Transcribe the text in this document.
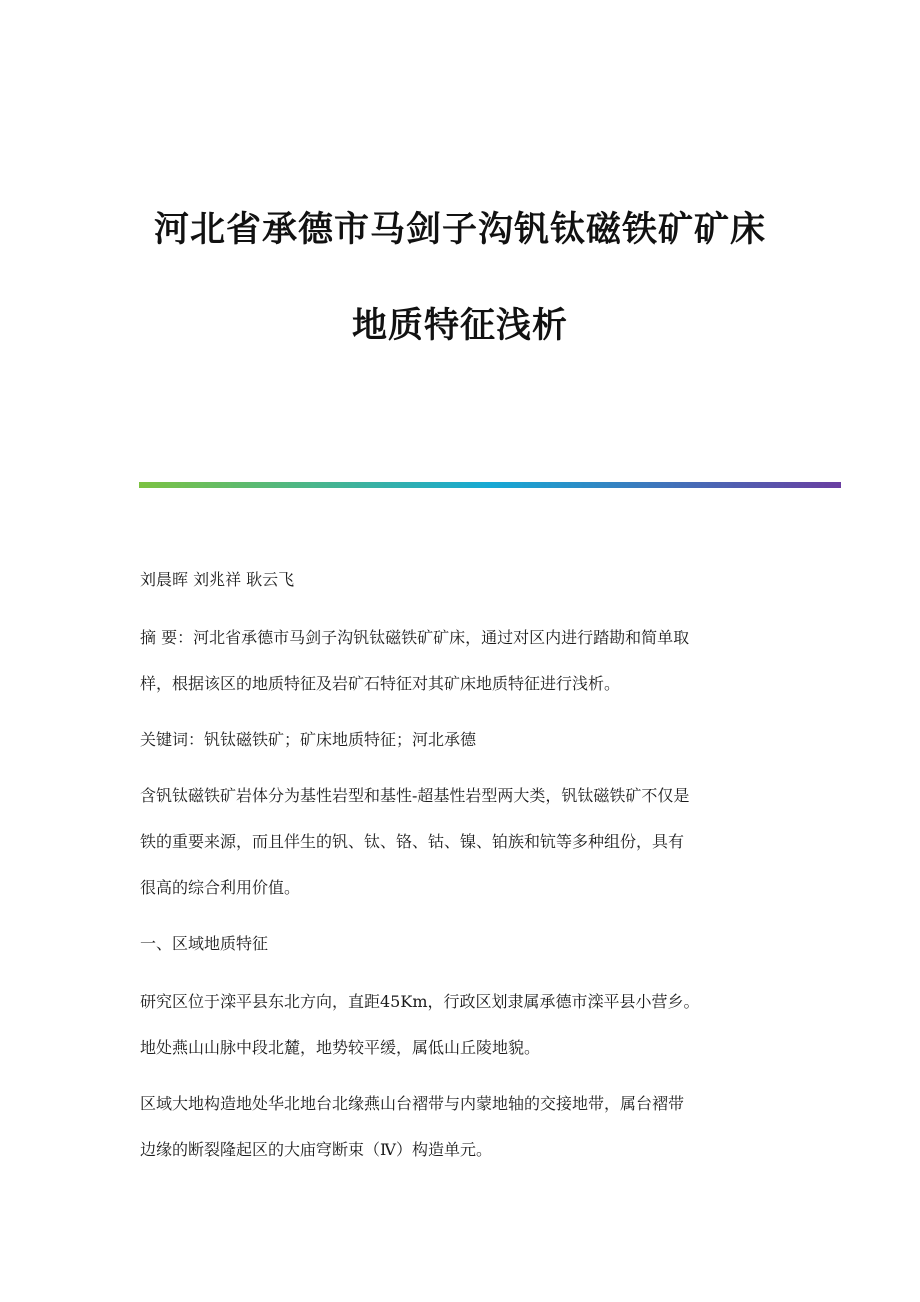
河北省承德市马剑子沟钒钛磁铁矿矿床
地质特征浅析

刘晨晖 刘兆祥 耿云飞

摘 要：河北省承德市马剑子沟钒钛磁铁矿矿床，通过对区内进行踏勘和简单取

样，根据该区的地质特征及岩矿石特征对其矿床地质特征进行浅析。

关键词：钒钛磁铁矿；矿床地质特征；河北承德

含钒钛磁铁矿岩体分为基性岩型和基性-超基性岩型两大类，钒钛磁铁矿不仅是

铁的重要来源，而且伴生的钒、钛、铬、钴、镍、铂族和钪等多种组份，具有

很高的综合利用价值。

一、区域地质特征

研究区位于滦平县东北方向，直距45Km，行政区划隶属承德市滦平县小营乡。

地处燕山山脉中段北麓，地势较平缓，属低山丘陵地貌。

区域大地构造地处华北地台北缘燕山台褶带与内蒙地轴的交接地带，属台褶带

边缘的断裂隆起区的大庙穹断束（Ⅳ）构造单元。
